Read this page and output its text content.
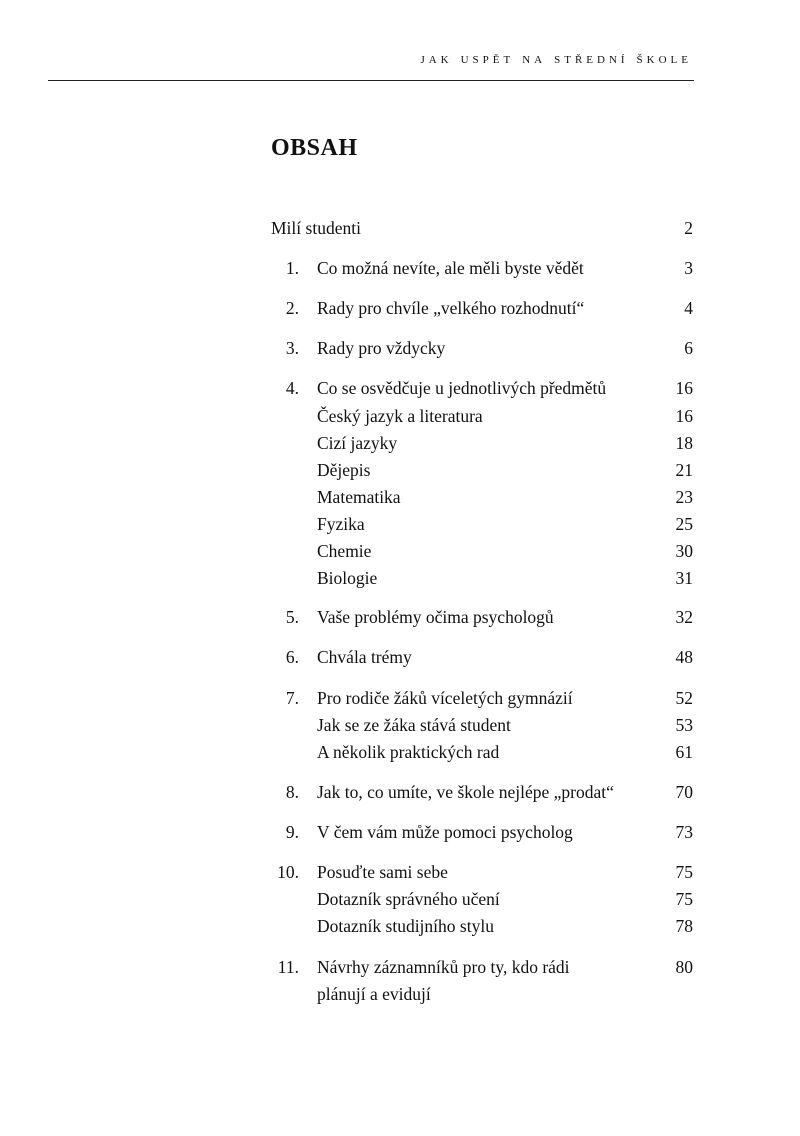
jak uspět na střední škole
OBSAH
Milí studenti	2
1. Co možná nevíte, ale měli byste vědět	3
2. Rady pro chvíle „velkého rozhodnutí“	4
3. Rady pro vždycky	6
4. Co se osvědčuje u jednotlivých předmětů	16
Český jazyk a literatura	16
Cizí jazyky	18
Dějepis	21
Matematika	23
Fyzika	25
Chemie	30
Biologie	31
5. Vaše problémy očima psychologů	32
6. Chvála trémy	48
7. Pro rodiče žáků víceletých gymnázií	52
Jak se ze žáka stává student	53
A několik praktických rad	61
8. Jak to, co umíte, ve škole nejlépe „prodat“	70
9. V čem vám může pomoci psycholog	73
10. Posuďte sami sebe	75
Dotazník správného učení	75
Dotazník studijního stylu	78
11. Návrhy záznamníků pro ty, kdo rádi	80
plánují a evidují
